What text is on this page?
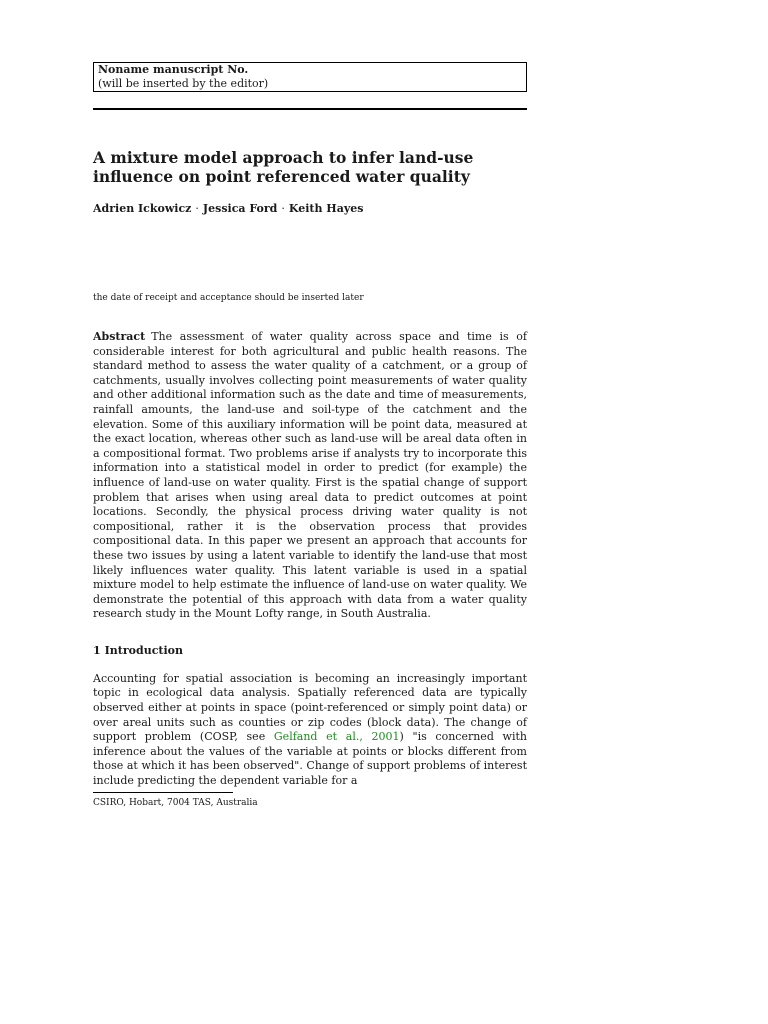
Noname manuscript No.
(will be inserted by the editor)
A mixture model approach to infer land-use influence on point referenced water quality
Adrien Ickowicz · Jessica Ford · Keith Hayes
the date of receipt and acceptance should be inserted later
Abstract The assessment of water quality across space and time is of considerable interest for both agricultural and public health reasons. The standard method to assess the water quality of a catchment, or a group of catchments, usually involves collecting point measurements of water quality and other additional information such as the date and time of measurements, rainfall amounts, the land-use and soil-type of the catchment and the elevation. Some of this auxiliary information will be point data, measured at the exact location, whereas other such as land-use will be areal data often in a compositional format. Two problems arise if analysts try to incorporate this information into a statistical model in order to predict (for example) the influence of land-use on water quality. First is the spatial change of support problem that arises when using areal data to predict outcomes at point locations. Secondly, the physical process driving water quality is not compositional, rather it is the observation process that provides compositional data. In this paper we present an approach that accounts for these two issues by using a latent variable to identify the land-use that most likely influences water quality. This latent variable is used in a spatial mixture model to help estimate the influence of land-use on water quality. We demonstrate the potential of this approach with data from a water quality research study in the Mount Lofty range, in South Australia.
1 Introduction
Accounting for spatial association is becoming an increasingly important topic in ecological data analysis. Spatially referenced data are typically observed either at points in space (point-referenced or simply point data) or over areal units such as counties or zip codes (block data). The change of support problem (COSP, see Gelfand et al., 2001) "is concerned with inference about the values of the variable at points or blocks different from those at which it has been observed". Change of support problems of interest include predicting the dependent variable for a
CSIRO, Hobart, 7004 TAS, Australia
